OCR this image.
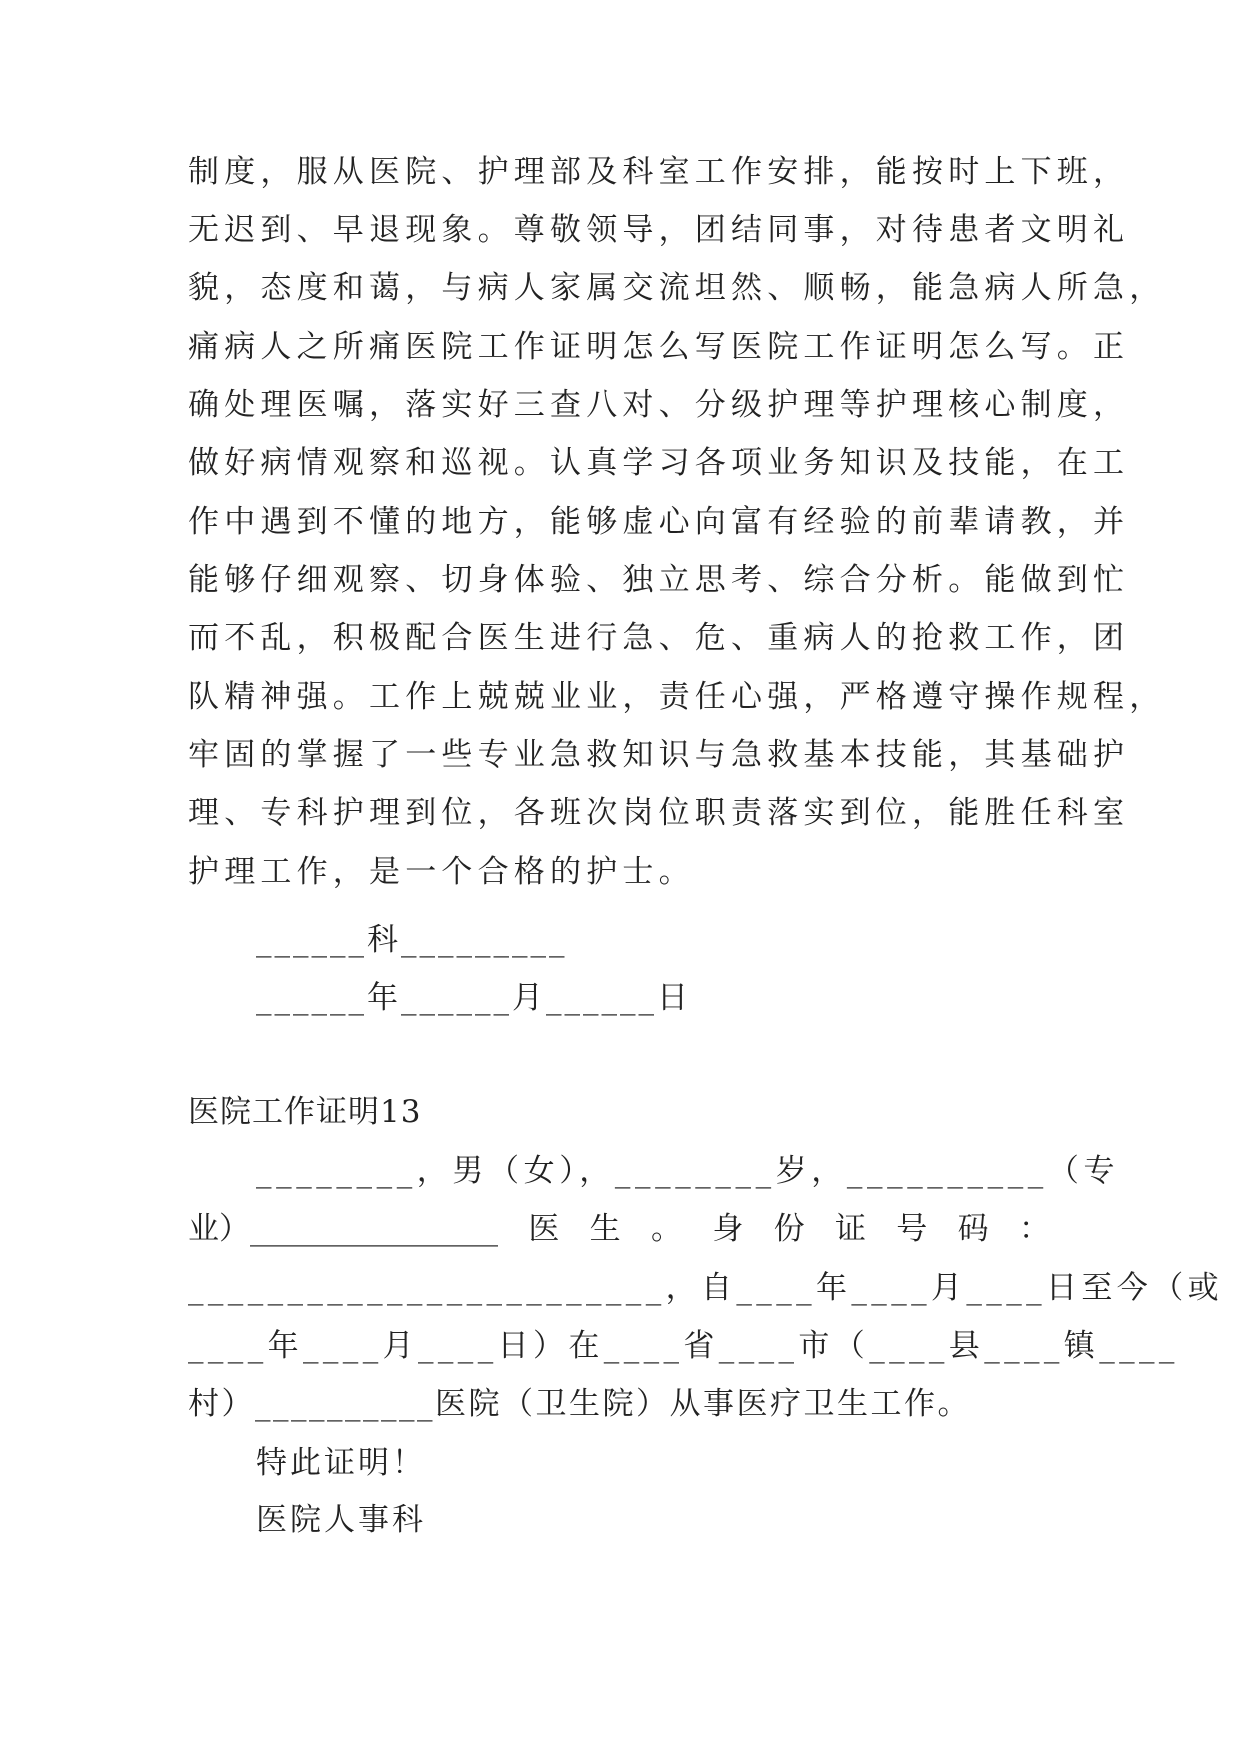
制度，服从医院、护理部及科室工作安排，能按时上下班，
无迟到、早退现象。尊敬领导，团结同事，对待患者文明礼
貌，态度和蔼，与病人家属交流坦然、顺畅，能急病人所急，
痛病人之所痛医院工作证明怎么写医院工作证明怎么写。正
确处理医嘱，落实好三查八对、分级护理等护理核心制度，
做好病情观察和巡视。认真学习各项业务知识及技能，在工
作中遇到不懂的地方，能够虚心向富有经验的前辈请教，并
能够仔细观察、切身体验、独立思考、综合分析。能做到忙
而不乱，积极配合医生进行急、危、重病人的抢救工作，团
队精神强。工作上兢兢业业，责任心强，严格遵守操作规程，
牢固的掌握了一些专业急救知识与急救基本技能，其基础护
理、专科护理到位，各班次岗位职责落实到位，能胜任科室
护理工作，是一个合格的护士。
______科_________
______年______月______日
医院工作证明13
________，男（女），________岁，__________（专
业）________________ 医 生 。 身 份 证 号 码 ：
________________________，自____年____月____日至今（或
____年____月____日）在____省____市（____县____镇____
村）__________医院（卫生院）从事医疗卫生工作。
特此证明！
医院人事科
